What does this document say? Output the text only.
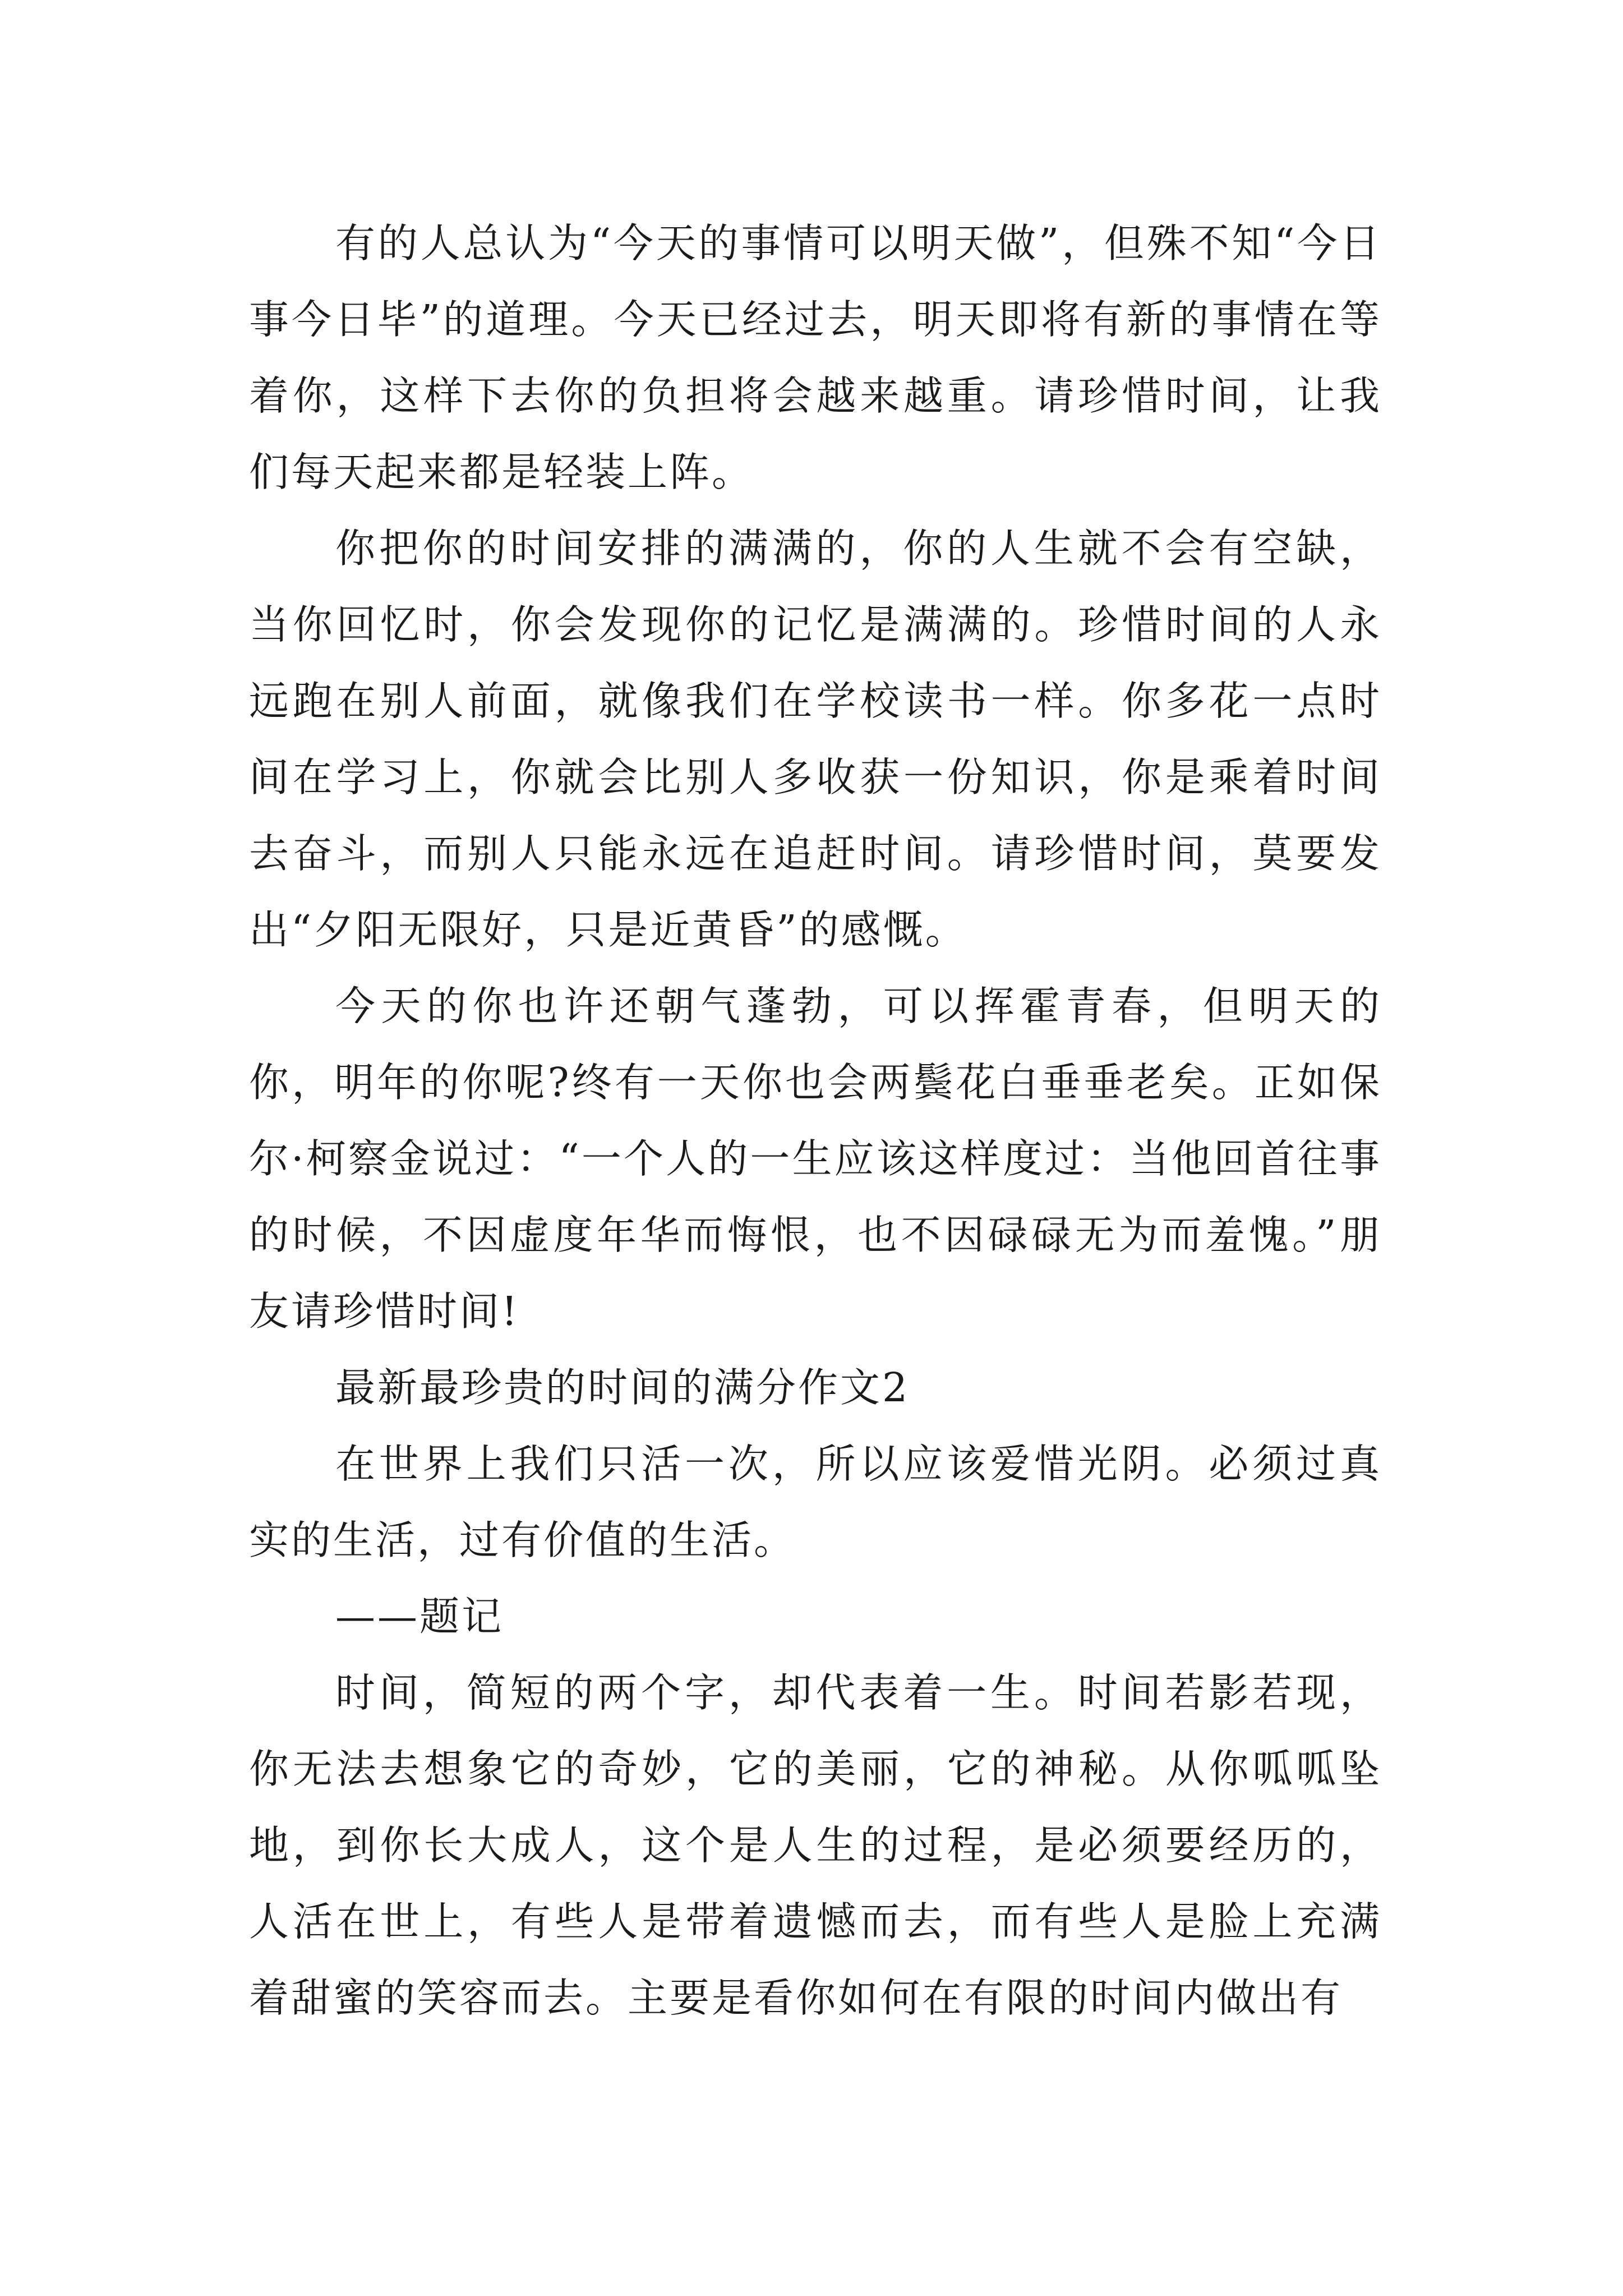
有的人总认为“今天的事情可以明天做”，但殊不知“今日事今日毕”的道理。今天已经过去，明天即将有新的事情在等着你，这样下去你的负担将会越来越重。请珍惜时间，让我们每天起来都是轻装上阵。

你把你的时间安排的满满的，你的人生就不会有空缺，当你回忆时，你会发现你的记忆是满满的。珍惜时间的人永远跑在别人前面，就像我们在学校读书一样。你多花一点时间在学习上，你就会比别人多收获一份知识，你是乘着时间去奋斗，而别人只能永远在追赶时间。请珍惜时间，莫要发出“夕阳无限好，只是近黄昏”的感慨。

今天的你也许还朝气蓬勃，可以挥霍青春，但明天的你，明年的你呢?终有一天你也会两鬓花白垂垂老矣。正如保尔·柯察金说过：“一个人的一生应该这样度过：当他回首往事的时候，不因虚度年华而悔恨，也不因碌碌无为而羞愧。”朋友请珍惜时间!

最新最珍贵的时间的满分作文2

在世界上我们只活一次，所以应该爱惜光阴。必须过真实的生活，过有价值的生活。

——题记

时间，简短的两个字，却代表着一生。时间若影若现，你无法去想象它的奇妙，它的美丽，它的神秘。从你呱呱坠地，到你长大成人，这个是人生的过程，是必须要经历的，人活在世上，有些人是带着遗憾而去，而有些人是脸上充满着甜蜜的笑容而去。主要是看你如何在有限的时间内做出有
